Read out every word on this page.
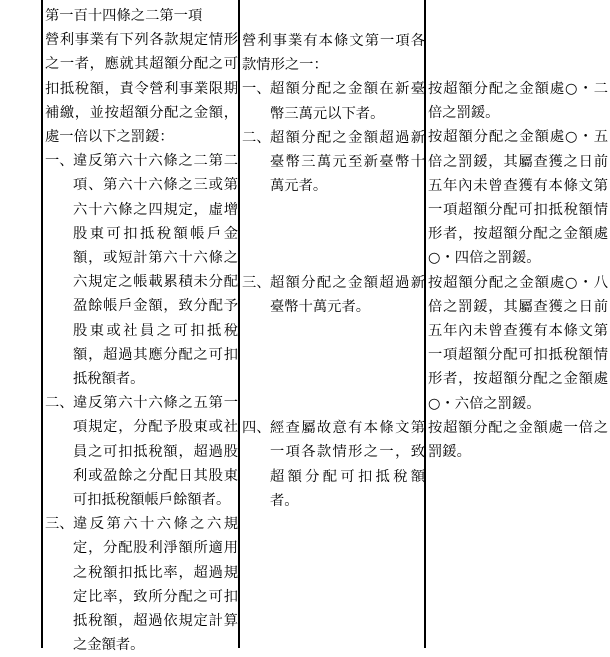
第一百十四條之二第一項
營利事業有下列各款規定情形
之一者，應就其超額分配之可
扣抵稅額，責令營利事業限期
補繳，並按超額分配之金額，
處一倍以下之罰鍰：
一、 違反第六十六條之二第二
項、第六十六條之三或第
六十六條之四規定，虛增
股東可扣抵稅額帳戶金
額，或短計第六十六條之
六規定之帳載累積未分配
盈餘帳戶金額，致分配予
股東或社員之可扣抵稅
額，超過其應分配之可扣
抵稅額者。
二、 違反第六十六條之五第一
項規定，分配予股東或社
員之可扣抵稅額，超過股
利或盈餘之分配日其股東
可扣抵稅額帳戶餘額者。
三、 違反第六十六條之六規
定，分配股利淨額所適用
之稅額扣抵比率，超過規
定比率，致所分配之可扣
抵稅額，超過依規定計算
之金額者。
營利事業有本條文第一項各
款情形之一：
一、 超額分配之金額在新臺
幣三萬元以下者。
二、 超額分配之金額超過新
臺幣三萬元至新臺幣十
萬元者。
三、 超額分配之金額超過新
臺幣十萬元者。
四、 經查屬故意有本條文第
一項各款情形之一，致
超額分配可扣抵稅額
者。
按超額分配之金額處○・二
倍之罰鍰。
按超額分配之金額處○・五
倍之罰鍰，其屬查獲之日前
五年內未曾查獲有本條文第
一項超額分配可扣抵稅額情
形者，按超額分配之金額處
○・四倍之罰鍰。
按超額分配之金額處○・八
倍之罰鍰，其屬查獲之日前
五年內未曾查獲有本條文第
一項超額分配可扣抵稅額情
形者，按超額分配之金額處
○・六倍之罰鍰。
按超額分配之金額處一倍之
罰鍰。
